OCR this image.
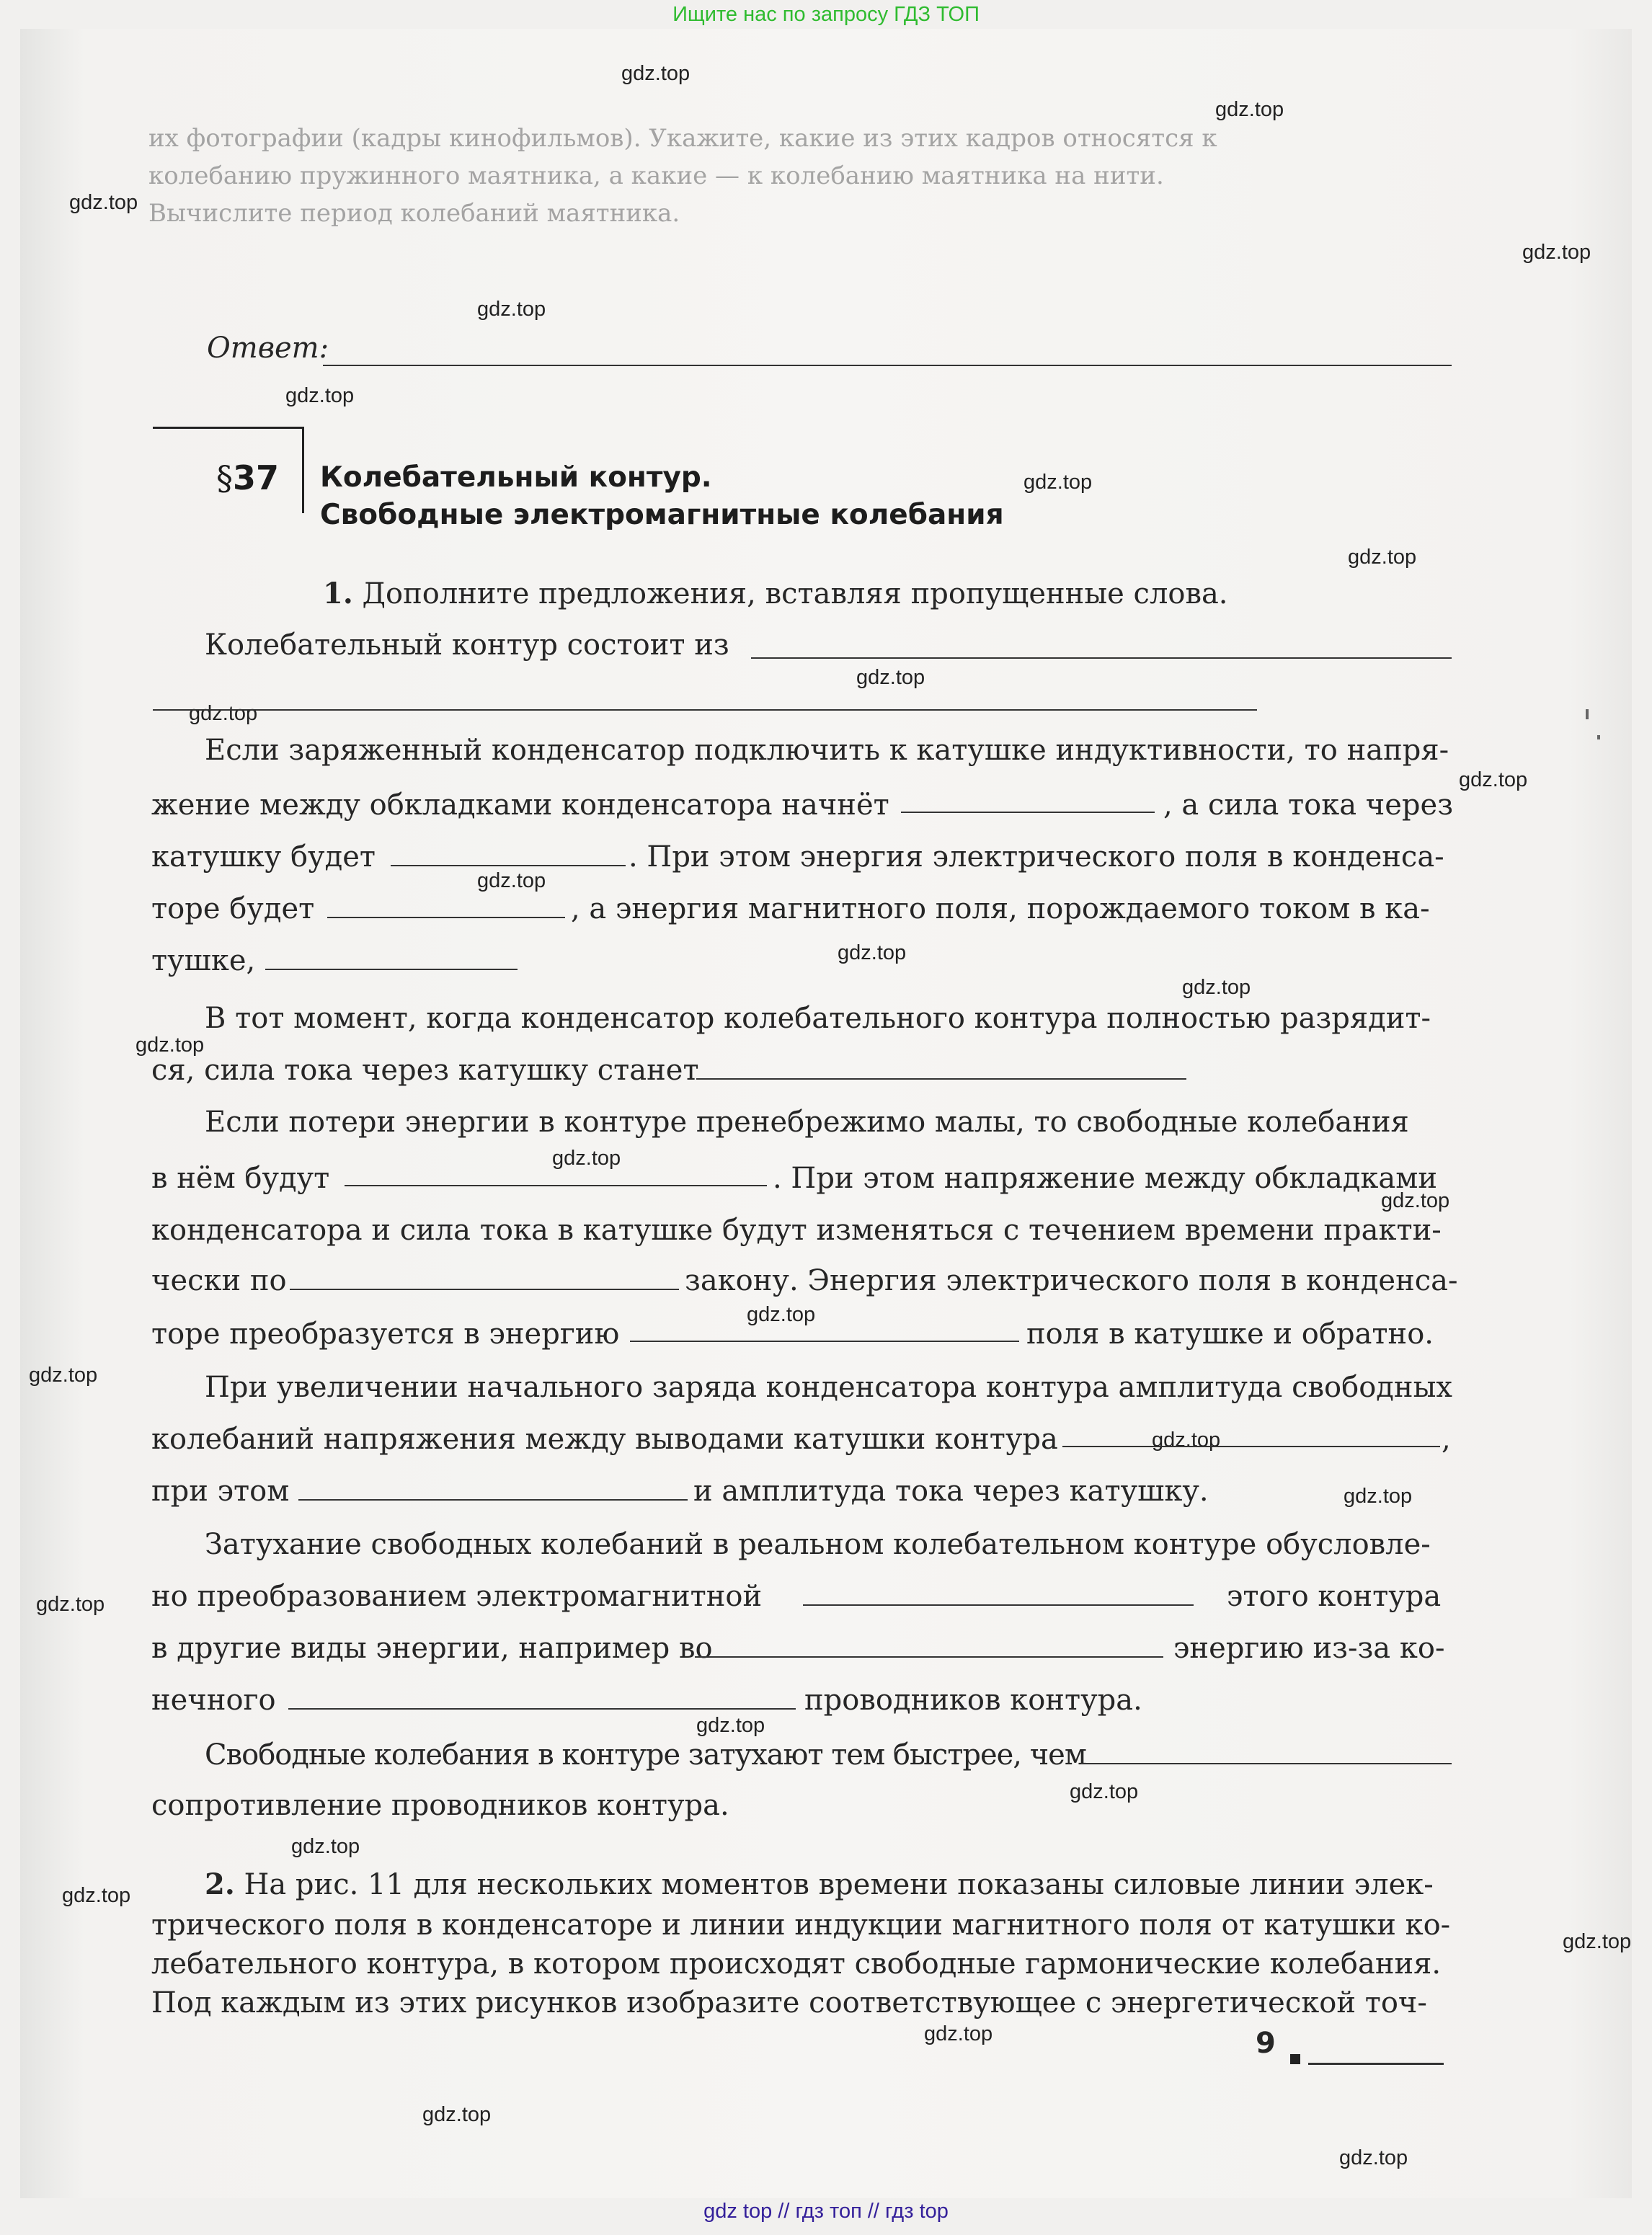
Ищите нас по запросу ГДЗ ТОП
их фотографии (кадры кинофильмов). Укажите, какие из этих кадров относятся к
колебанию пружинного маятника, а какие — к колебанию маятника на нити.
Вычислите период колебаний маятника.
gdz.top
gdz.top
gdz.top
gdz.top
gdz.top
gdz.top
gdz.top
gdz.top
gdz.top
gdz.top
gdz.top
gdz.top
gdz.top
gdz.top
gdz.top
gdz.top
gdz.top
gdz.top
gdz.top
gdz.top
gdz.top
gdz.top
gdz.top
gdz.top
gdz.top
gdz.top
gdz.top
gdz.top
gdz.top
gdz.top
Ответ:
§37 Колебательный контур.
Свободные электромагнитные колебания
1. Дополните предложения, вставляя пропущенные слова.
Колебательный контур состоит из
Если заряженный конденсатор подключить к катушке индуктивности, то напря-
жение между обкладками конденсатора начнёт	, а сила тока через
катушку будет	. При этом энергия электрического поля в конденса-
торе будет	, а энергия магнитного поля, порождаемого током в ка-
тушке,
В тот момент, когда конденсатор колебательного контура полностью разрядит-
ся, сила тока через катушку станет
Если потери энергии в контуре пренебрежимо малы, то свободные колебания
в нём будут	. При этом напряжение между обкладками
конденсатора и сила тока в катушке будут изменяться с течением времени практи-
чески по	закону. Энергия электрического поля в конденса-
торе преобразуется в энергию	поля в катушке и обратно.
При увеличении начального заряда конденсатора контура амплитуда свободных
колебаний напряжения между выводами катушки контура	,
при этом	и амплитуда тока через катушку.
Затухание свободных колебаний в реальном колебательном контуре обусловле-
но преобразованием электромагнитной	этого контура
в другие виды энергии, например во	энергию из-за ко-
нечного	проводников контура.
Свободные колебания в контуре затухают тем быстрее, чем
сопротивление проводников контура.
2. На рис. 11 для нескольких моментов времени показаны силовые линии элек-
трического поля в конденсаторе и линии индукции магнитного поля от катушки ко-
лебательного контура, в котором происходят свободные гармонические колебания.
Под каждым из этих рисунков изобразите соответствующее с энергетической точ-
9
gdz top // гдз топ // гдз top
